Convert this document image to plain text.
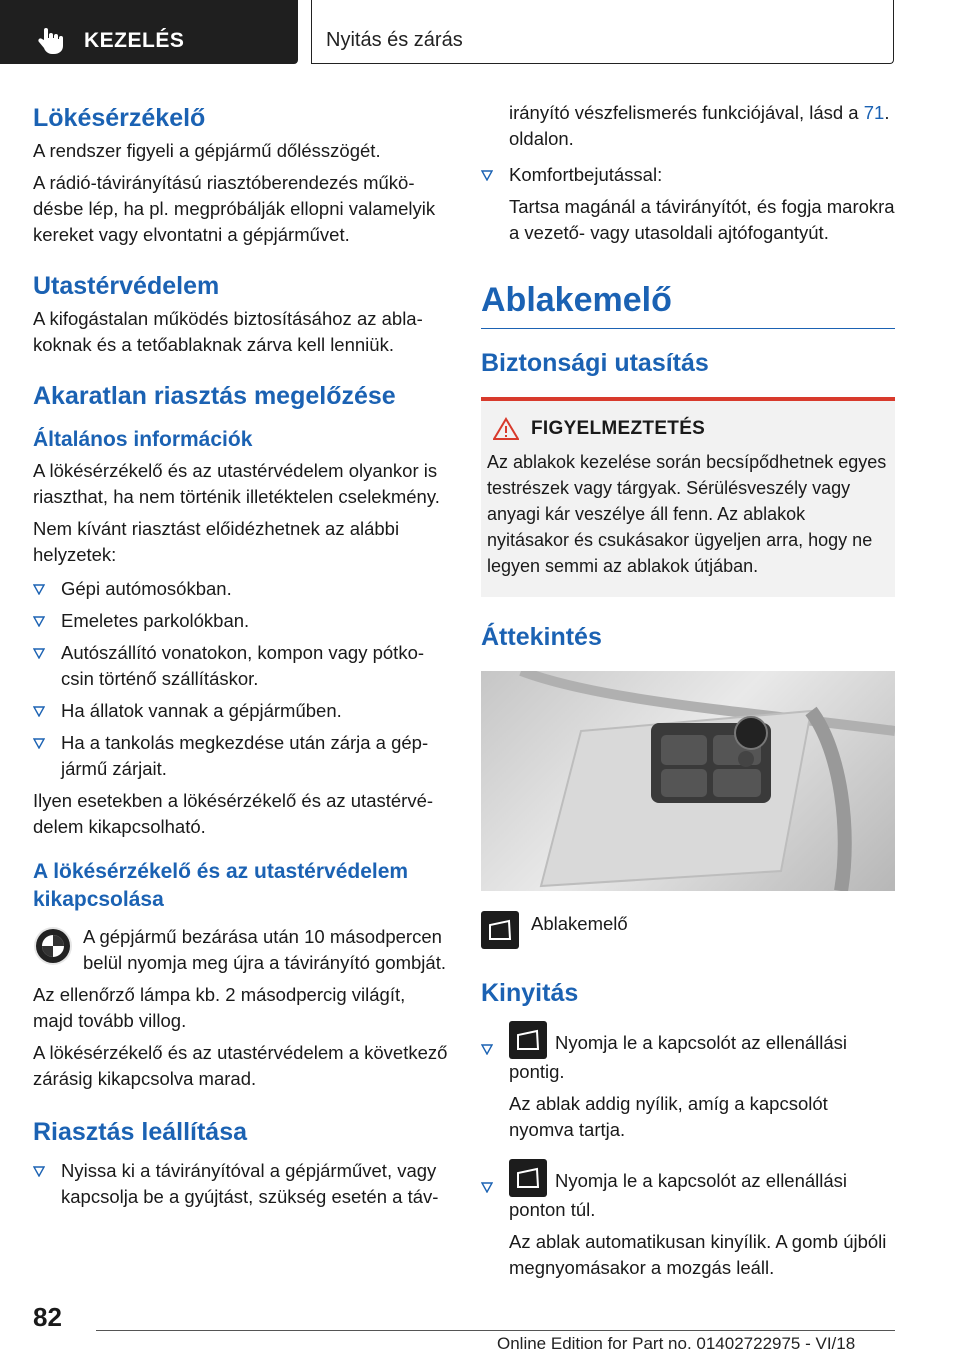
KEZELÉS	Nyitás és zárás
Lökésérzékelő

A rendszer figyeli a gépjármű dőlésszögét.

A rádió-távirányítású riasztóberendezés működésbe lép, ha pl. megpróbálják ellopni valamelyik kereket vagy elvontatni a gépjárművet.

Utastérvédelem

A kifogástalan működés biztosításához az ablakoknak és a tetőablaknak zárva kell lenniük.

Akaratlan riasztás megelőzése
Általános információk

A lökésérzékelő és az utastérvédelem olyankor is riaszthat, ha nem történik illetéktelen cselekmény.

Nem kívánt riasztást előidézhetnek az alábbi helyzetek:

Gépi autómosókban.
Emeletes parkolókban.
Autószállító vonatokon, kompon vagy pótkocsin történő szállításkor.
Ha állatok vannak a gépjárműben.
Ha a tankolás megkezdése után zárja a gépjármű zárjait.

Ilyen esetekben a lökésérzékelő és az utastérvédelem kikapcsolható.

A lökésérzékelő és az utastérvédelem kikapcsolása

A gépjármű bezárása után 10 másodpercen belül nyomja meg újra a távirányító gombját.

Az ellenőrző lámpa kb. 2 másodpercig világít, majd tovább villog.

A lökésérzékelő és az utastérvédelem a következő zárásig kikapcsolva marad.

Riasztás leállítása
Nyissa ki a távirányítóval a gépjárművet, vagy kapcsolja be a gyújtást, szükség esetén a táv-
irányító vészfelismerés funkciójával, lásd a 71. oldalon.
Komfortbejutással:

Tartsa magánál a távirányítót, és fogja marokra a vezető- vagy utasoldali ajtófogantyút.

Ablakemelő
Biztonsági utasítás
FIGYELMEZTETÉS

Az ablakok kezelése során becsípődhetnek egyes testrészek vagy tárgyak. Sérülésveszély vagy anyagi kár veszélye áll fenn. Az ablakok nyitásakor és csukásakor ügyeljen arra, hogy ne legyen semmi az ablakok útjában.

Áttekintés
Ablakemelő
Kinyitás
Nyomja le a kapcsolót az ellenállási pontig.

Az ablak addig nyílik, amíg a kapcsolót nyomva tartja.

Nyomja le a kapcsolót az ellenállási ponton túl.

Az ablak automatikusan kinyílik. A gomb újbóli megnyomásakor a mozgás leáll.

82
Online Edition for Part no. 01402722975 - VI/18
